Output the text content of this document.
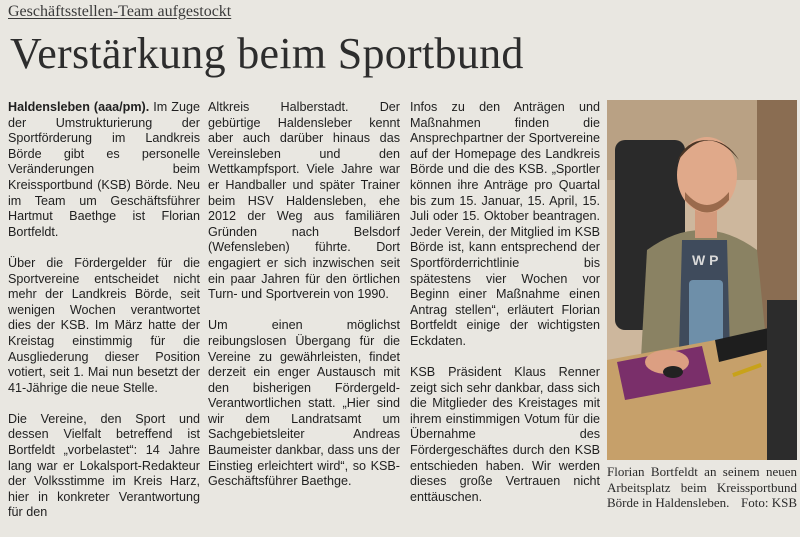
Geschäftsstellen-Team aufgestockt
Verstärkung beim Sportbund

Haldensleben (aaa/pm). Im Zuge der Umstrukturierung der Sportförderung im Landkreis Börde gibt es personelle Veränderungen beim Kreissportbund (KSB) Börde. Neu im Team um Geschäftsführer Hartmut Baethge ist Florian Bortfeldt.

Über die Fördergelder für die Sportvereine entscheidet nicht mehr der Landkreis Börde, seit wenigen Wochen verantwortet dies der KSB. Im März hatte der Kreistag einstimmig für die Ausgliederung dieser Position votiert, seit 1. Mai nun besetzt der 41-Jährige die neue Stelle.

Die Vereine, den Sport und dessen Vielfalt betreffend ist Bortfeldt „vorbelastet“: 14 Jahre lang war er Lokalsport-Redakteur der Volksstimme im Kreis Harz, hier in konkreter Verantwortung für den

Altkreis Halberstadt. Der gebürtige Haldensleber kennt aber auch darüber hinaus das Vereinsleben und den Wettkampfsport. Viele Jahre war er Handballer und später Trainer beim HSV Haldensleben, ehe 2012 der Weg aus familiären Gründen nach Belsdorf (Wefensleben) führte. Dort engagiert er sich inzwischen seit ein paar Jahren für den örtlichen Turn- und Sportverein von 1990.

Um einen möglichst reibungslosen Übergang für die Vereine zu gewährleisten, findet derzeit ein enger Austausch mit den bisherigen Fördergeld-Verantwortlichen statt. „Hier sind wir dem Landratsamt um Sachgebietsleiter Andreas Baumeister dankbar, dass uns der Einstieg erleichtert wird“, so KSB-Geschäftsführer Baethge.

Infos zu den Anträgen und Maßnahmen finden die Ansprechpartner der Sportvereine auf der Homepage des Landkreis Börde und die des KSB. „Sportler können ihre Anträge pro Quartal bis zum 15. Januar, 15. April, 15. Juli oder 15. Oktober beantragen. Jeder Verein, der Mitglied im KSB Börde ist, kann entsprechend der Sportförderrichtlinie bis spätestens vier Wochen vor Beginn einer Maßnahme einen Antrag stellen“, erläutert Florian Bortfeldt einige der wichtigsten Eckdaten.

KSB Präsident Klaus Renner zeigt sich sehr dankbar, dass sich die Mitglieder des Kreistages mit ihrem einstimmigen Votum für die Übernahme des Fördergeschäftes durch den KSB entschieden haben. Wir werden dieses große Vertrauen nicht enttäuschen.

W P
Florian Bortfeldt an seinem neuen Arbeitsplatz beim Kreissportbund Börde in Haldensleben. Foto: KSB
